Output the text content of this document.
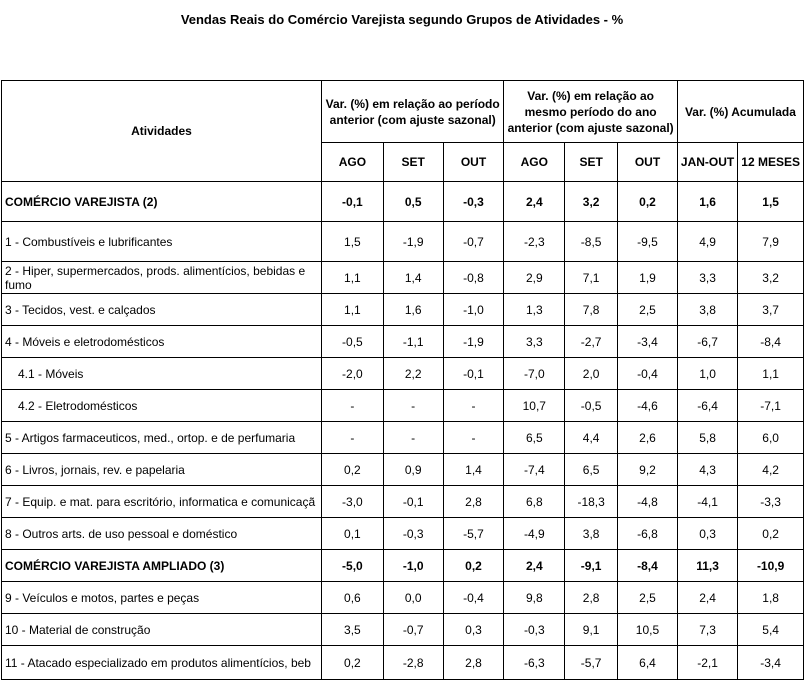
Vendas Reais do Comércio Varejista segundo Grupos de Atividades - %
Atividades	Var. (%) em relação ao período anterior (com ajuste sazonal)			Var. (%) em relação ao mesmo período do ano anterior (com ajuste sazonal)			Var. (%) Acumulada	
	AGO	SET	OUT	AGO	SET	OUT	JAN-OUT	12 MESES
COMÉRCIO VAREJISTA (2)	-0,1	0,5	-0,3	2,4	3,2	0,2	1,6	1,5
1 - Combustíveis e lubrificantes	1,5	-1,9	-0,7	-2,3	-8,5	-9,5	4,9	7,9
2 - Hiper, supermercados, prods. alimentícios, bebidas e fumo	1,1	1,4	-0,8	2,9	7,1	1,9	3,3	3,2
3 - Tecidos, vest. e calçados	1,1	1,6	-1,0	1,3	7,8	2,5	3,8	3,7
4 - Móveis e eletrodomésticos	-0,5	-1,1	-1,9	3,3	-2,7	-3,4	-6,7	-8,4
4.1 - Móveis	-2,0	2,2	-0,1	-7,0	2,0	-0,4	1,0	1,1
4.2 - Eletrodomésticos	-	-	-	10,7	-0,5	-4,6	-6,4	-7,1
5 - Artigos farmaceuticos, med., ortop. e de perfumaria	-	-	-	6,5	4,4	2,6	5,8	6,0
6 - Livros, jornais, rev. e papelaria	0,2	0,9	1,4	-7,4	6,5	9,2	4,3	4,2
7 - Equip. e mat. para escritório, informatica e comunicaçã	-3,0	-0,1	2,8	6,8	-18,3	-4,8	-4,1	-3,3
8 - Outros arts. de uso pessoal e doméstico	0,1	-0,3	-5,7	-4,9	3,8	-6,8	0,3	0,2
COMÉRCIO VAREJISTA AMPLIADO (3)	-5,0	-1,0	0,2	2,4	-9,1	-8,4	11,3	-10,9
9 - Veículos e motos, partes e peças	0,6	0,0	-0,4	9,8	2,8	2,5	2,4	1,8
10 - Material de construção	3,5	-0,7	0,3	-0,3	9,1	10,5	7,3	5,4
11 - Atacado especializado em produtos alimentícios, beb	0,2	-2,8	2,8	-6,3	-5,7	6,4	-2,1	-3,4
